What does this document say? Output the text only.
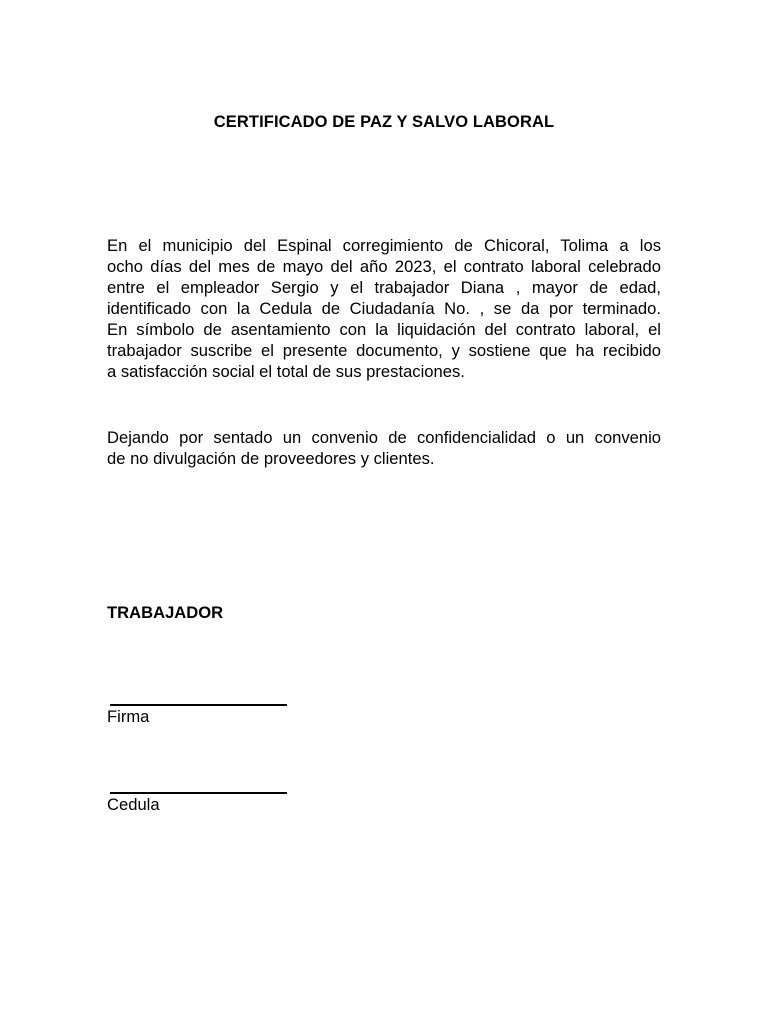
CERTIFICADO DE PAZ Y SALVO LABORAL

En el municipio del Espinal corregimiento de Chicoral, Tolima a los
ocho días del mes de mayo del año 2023, el contrato laboral celebrado
entre el empleador Sergio y el trabajador Diana , mayor de edad,
identificado con la Cedula de Ciudadanía No. , se da por terminado.
En símbolo de asentamiento con la liquidación del contrato laboral, el
trabajador suscribe el presente documento, y sostiene que ha recibido
a satisfacción social el total de sus prestaciones.

Dejando por sentado un convenio de confidencialidad o un convenio
de no divulgación de proveedores y clientes.

TRABAJADOR
Firma
Cedula
